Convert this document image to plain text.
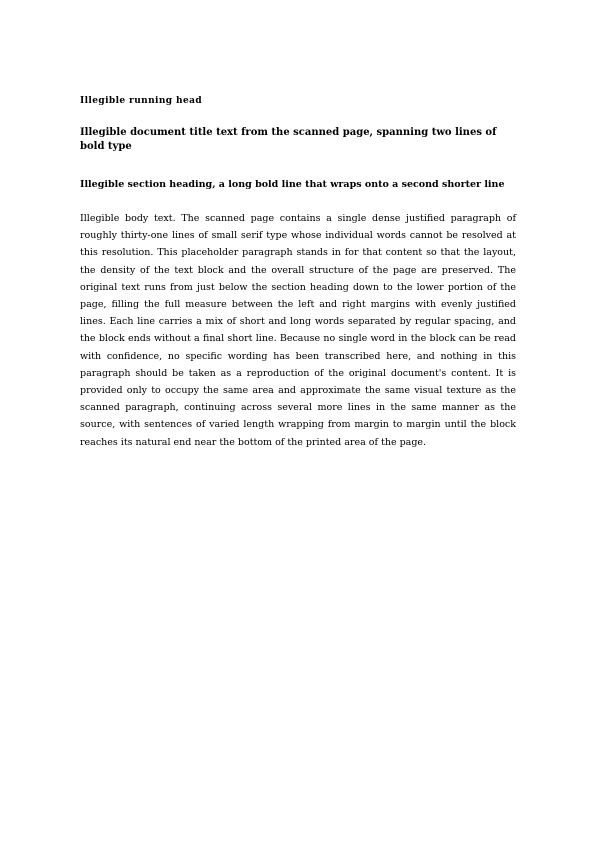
Illegible running head
Illegible document title text from the scanned page, spanning two lines of bold type
Illegible section heading, a long bold line that wraps onto a second shorter line

Illegible body text. The scanned page contains a single dense justified paragraph of roughly thirty-one lines of small serif type whose individual words cannot be resolved at this resolution. This placeholder paragraph stands in for that content so that the layout, the density of the text block and the overall structure of the page are preserved. The original text runs from just below the section heading down to the lower portion of the page, filling the full measure between the left and right margins with evenly justified lines. Each line carries a mix of short and long words separated by regular spacing, and the block ends without a final short line. Because no single word in the block can be read with confidence, no specific wording has been transcribed here, and nothing in this paragraph should be taken as a reproduction of the original document's content. It is provided only to occupy the same area and approximate the same visual texture as the scanned paragraph, continuing across several more lines in the same manner as the source, with sentences of varied length wrapping from margin to margin until the block reaches its natural end near the bottom of the printed area of the page.
